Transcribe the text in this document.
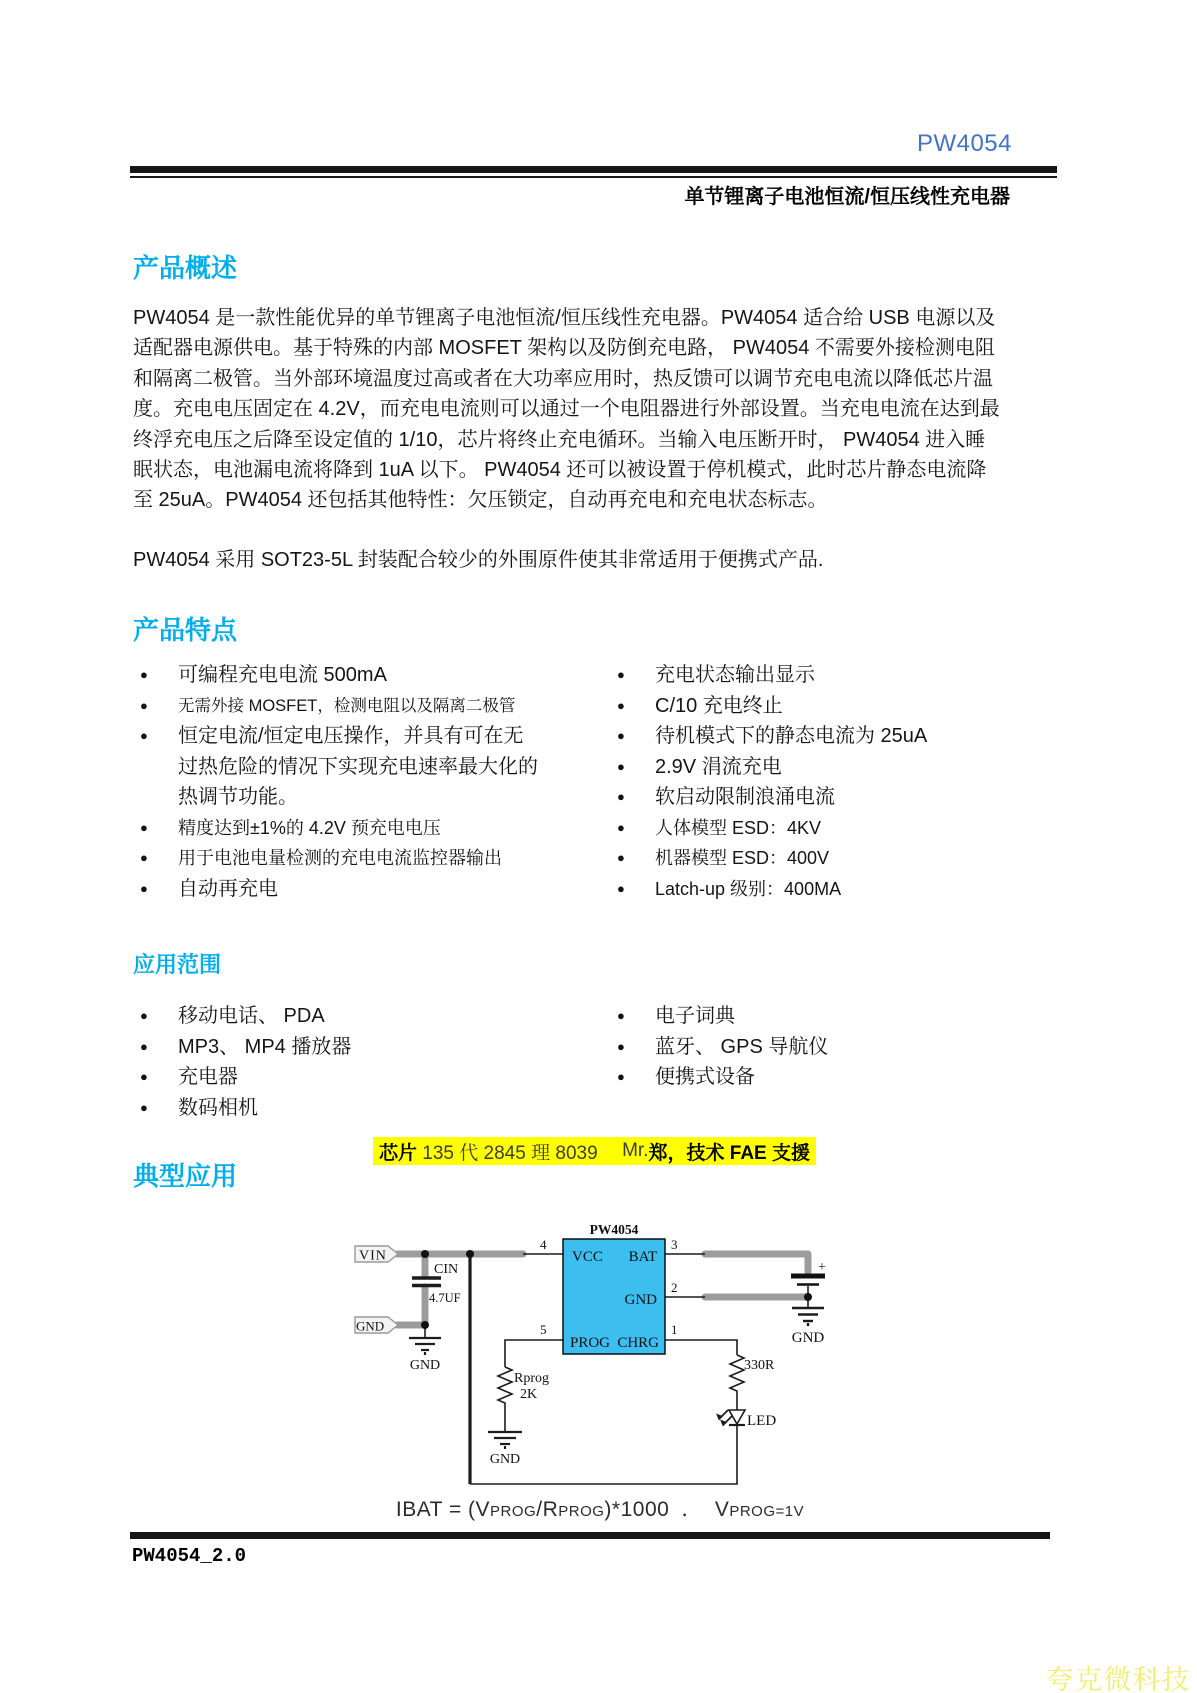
PW4054
单节锂离子电池恒流/恒压线性充电器
产品概述
PW4054 是一款性能优异的单节锂离子电池恒流/恒压线性充电器。PW4054 适合给 USB 电源以及
适配器电源供电。基于特殊的内部 MOSFET 架构以及防倒充电路， PW4054 不需要外接检测电阻
和隔离二极管。当外部环境温度过高或者在大功率应用时，热反馈可以调节充电电流以降低芯片温
度。充电电压固定在 4.2V，而充电电流则可以通过一个电阻器进行外部设置。当充电电流在达到最
终浮充电压之后降至设定值的 1/10，芯片将终止充电循环。当输入电压断开时， PW4054 进入睡
眠状态，电池漏电流将降到 1uA 以下。 PW4054 还可以被设置于停机模式，此时芯片静态电流降
至 25uA。PW4054 还包括其他特性：欠压锁定，自动再充电和充电状态标志。
PW4054 采用 SOT23-5L 封装配合较少的外围原件使其非常适用于便携式产品.
产品特点
●	可编程充电电流 500mA
●	无需外接 MOSFET，检测电阻以及隔离二极管
●	恒定电流/恒定电压操作，并具有可在无
过热危险的情况下实现充电速率最大化的
热调节功能。
●	精度达到±1%的 4.2V 预充电电压
●	用于电池电量检测的充电电流监控器输出
●	自动再充电
●	充电状态输出显示
●	C/10 充电终止
●	待机模式下的静态电流为 25uA
●	2.9V 涓流充电
●	软启动限制浪涌电流
●	人体模型 ESD：4KV
●	机器模型 ESD：400V
●	Latch-up 级别：400MA
应用范围
●	移动电话、 PDA
●	MP3、 MP4 播放器
●	充电器
●	数码相机
●	电子词典
●	蓝牙、 GPS 导航仪
●	便携式设备
芯片 135 代 2845 理 8039 Mr. 郑，技术 FAE 支援
典型应用
VIN
GND
CIN
4.7UF
GND
PW4054
VCC BAT
GND
PROG CHRG
4	3
2
5	1
Rprog
2K
GND
330R
LED
+
GND
IBAT = (VPROG/RPROG)*1000 ． VPROG=1V
PW4054_2.0
夸克微科技
